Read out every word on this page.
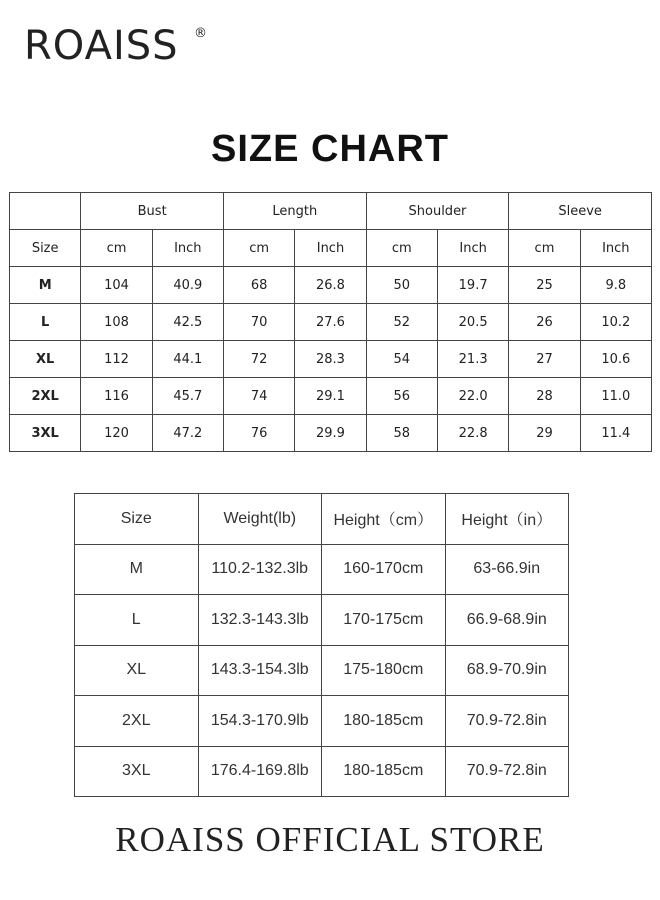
ROAISS ®
SIZE CHART
	Bust		Length		Shoulder		Sleeve	
Size	cm	Inch	cm	Inch	cm	Inch	cm	Inch
M	104	40.9	68	26.8	50	19.7	25	9.8
L	108	42.5	70	27.6	52	20.5	26	10.2
XL	112	44.1	72	28.3	54	21.3	27	10.6
2XL	116	45.7	74	29.1	56	22.0	28	11.0
3XL	120	47.2	76	29.9	58	22.8	29	11.4
Size	Weight(lb)	Height（cm）	Height（in）
M	110.2-132.3lb	160-170cm	63-66.9in
L	132.3-143.3lb	170-175cm	66.9-68.9in
XL	143.3-154.3lb	175-180cm	68.9-70.9in
2XL	154.3-170.9lb	180-185cm	70.9-72.8in
3XL	176.4-169.8lb	180-185cm	70.9-72.8in
ROAISS OFFICIAL STORE
